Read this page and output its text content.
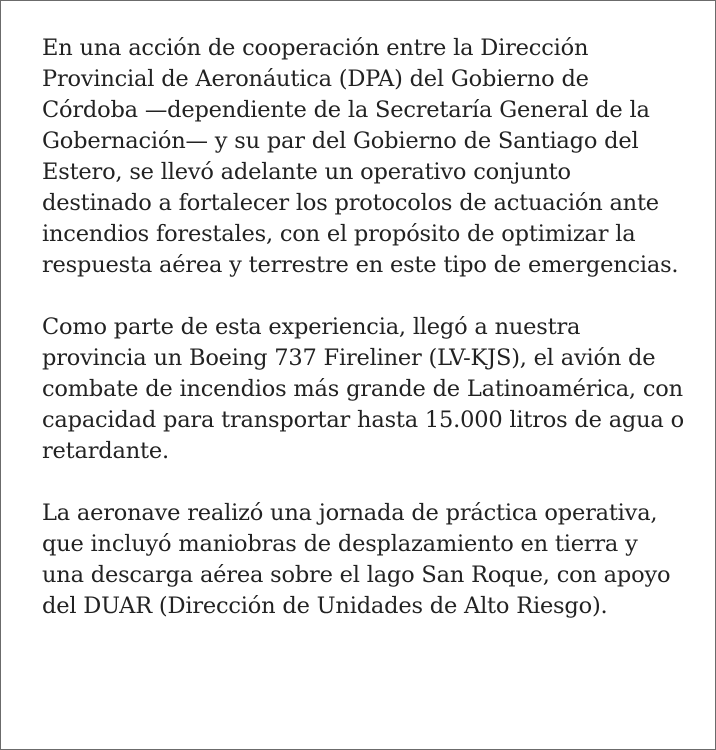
En una acción de cooperación entre la Dirección
Provincial de Aeronáutica (DPA) del Gobierno de
Córdoba —dependiente de la Secretaría General de la
Gobernación— y su par del Gobierno de Santiago del
Estero, se llevó adelante un operativo conjunto
destinado a fortalecer los protocolos de actuación ante
incendios forestales, con el propósito de optimizar la
respuesta aérea y terrestre en este tipo de emergencias.

Como parte de esta experiencia, llegó a nuestra
provincia un Boeing 737 Fireliner (LV-KJS), el avión de
combate de incendios más grande de Latinoamérica, con
capacidad para transportar hasta 15.000 litros de agua o
retardante.

La aeronave realizó una jornada de práctica operativa,
que incluyó maniobras de desplazamiento en tierra y
una descarga aérea sobre el lago San Roque, con apoyo
del DUAR (Dirección de Unidades de Alto Riesgo).
